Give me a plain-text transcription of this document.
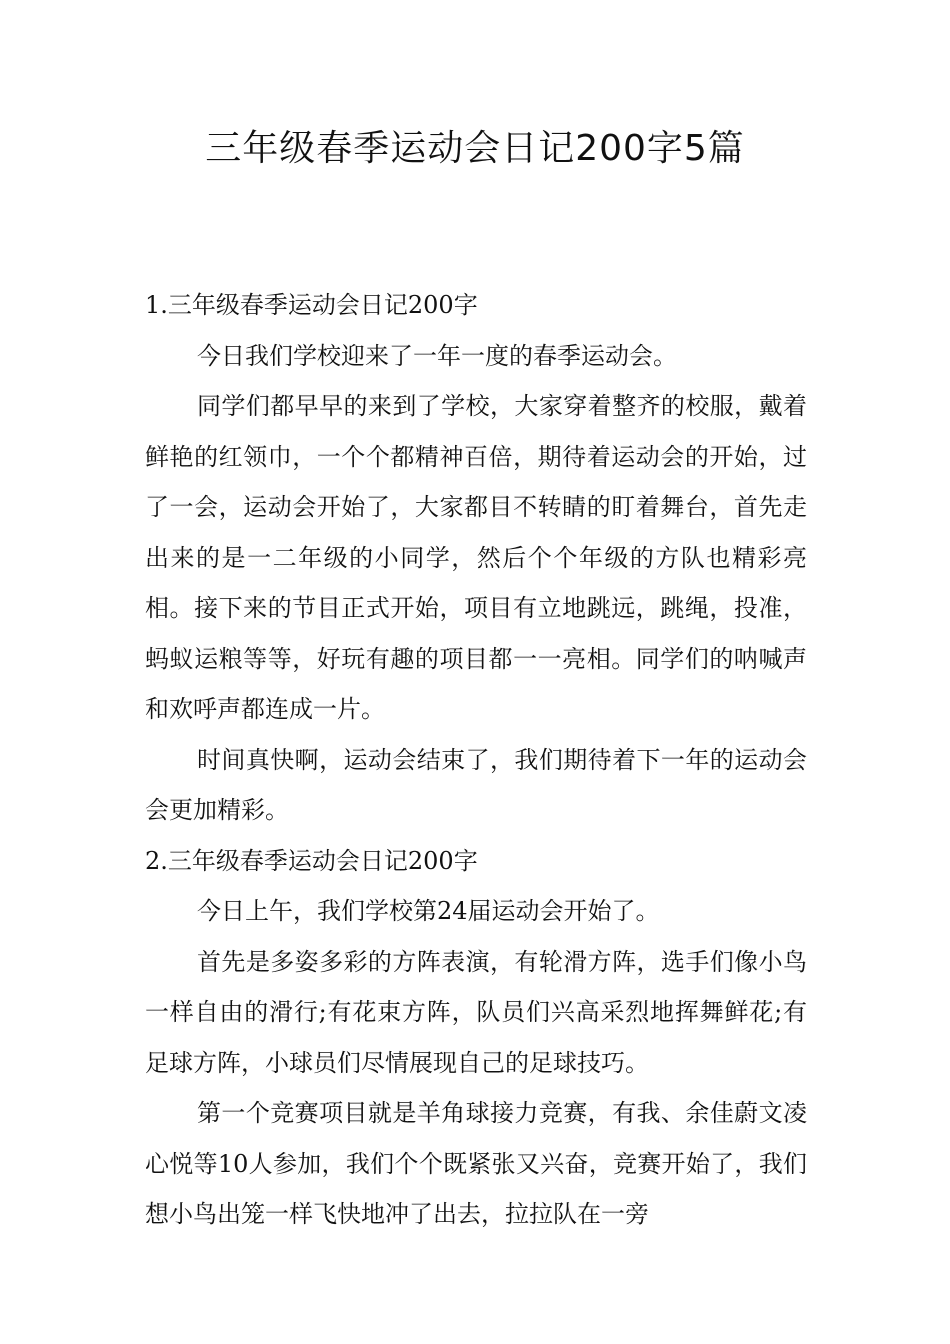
三年级春季运动会日记200字5篇
1.三年级春季运动会日记200字

今日我们学校迎来了一年一度的春季运动会。

同学们都早早的来到了学校，大家穿着整齐的校服，戴着鲜艳的红领巾，一个个都精神百倍，期待着运动会的开始，过了一会，运动会开始了，大家都目不转睛的盯着舞台，首先走出来的是一二年级的小同学，然后个个年级的方队也精彩亮相。接下来的节目正式开始，项目有立地跳远，跳绳，投准，蚂蚁运粮等等，好玩有趣的项目都一一亮相。同学们的呐喊声和欢呼声都连成一片。

时间真快啊，运动会结束了，我们期待着下一年的运动会会更加精彩。

2.三年级春季运动会日记200字

今日上午，我们学校第24届运动会开始了。

首先是多姿多彩的方阵表演，有轮滑方阵，选手们像小鸟一样自由的滑行;有花束方阵，队员们兴高采烈地挥舞鲜花;有足球方阵，小球员们尽情展现自己的足球技巧。

第一个竞赛项目就是羊角球接力竞赛，有我、余佳蔚文凌心悦等10人参加，我们个个既紧张又兴奋，竞赛开始了，我们想小鸟出笼一样飞快地冲了出去，拉拉队在一旁
